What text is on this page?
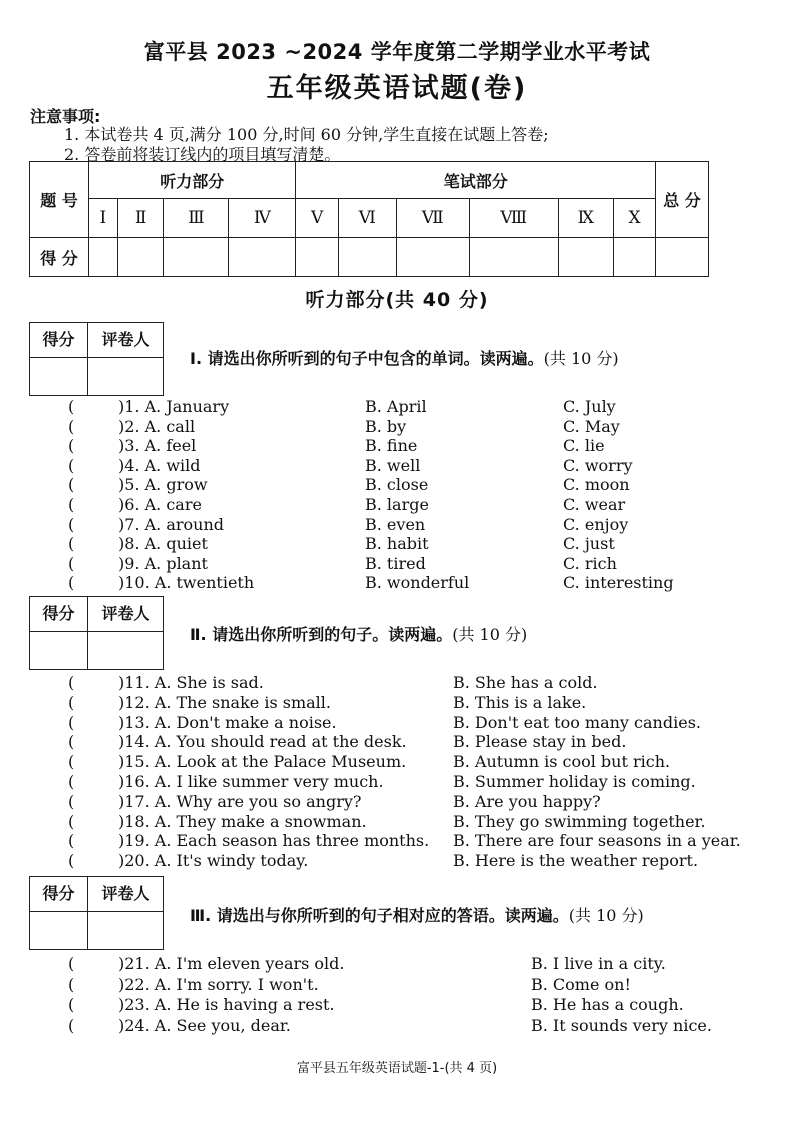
富平县 2023 ~2024 学年度第二学期学业水平考试
五年级英语试题(卷)
注意事项:
1. 本试卷共 4 页,满分 100 分,时间 60 分钟,学生直接在试题上答卷;
2. 答卷前将装订线内的项目填写清楚。
题 号	听力部分				笔试部分						总 分
	I	Ⅱ	Ⅲ	Ⅳ	Ⅴ	Ⅵ	Ⅶ	Ⅷ	Ⅸ	Ⅹ	
得 分											
听力部分(共 40 分)
得分	评卷人
Ⅰ. 请选出你所听到的句子中包含的单词。读两遍。(共 10 分)
(	)1. A. January	B. April	C. July
(	)2. A. call	B. by	C. May
(	)3. A. feel	B. fine	C. lie
(	)4. A. wild	B. well	C. worry
(	)5. A. grow	B. close	C. moon
(	)6. A. care	B. large	C. wear
(	)7. A. around	B. even	C. enjoy
(	)8. A. quiet	B. habit	C. just
(	)9. A. plant	B. tired	C. rich
(	)10. A. twentieth	B. wonderful	C. interesting
得分	评卷人
Ⅱ. 请选出你所听到的句子。读两遍。(共 10 分)
(	)11. A. She is sad.	B. She has a cold.
(	)12. A. The snake is small.	B. This is a lake.
(	)13. A. Don't make a noise.	B. Don't eat too many candies.
(	)14. A. You should read at the desk.	B. Please stay in bed.
(	)15. A. Look at the Palace Museum.	B. Autumn is cool but rich.
(	)16. A. I like summer very much.	B. Summer holiday is coming.
(	)17. A. Why are you so angry?	B. Are you happy?
(	)18. A. They make a snowman.	B. They go swimming together.
(	)19. A. Each season has three months. B. There are four seasons in a year.
(	)20. A. It's windy today.	B. Here is the weather report.
得分	评卷人
Ⅲ. 请选出与你所听到的句子相对应的答语。读两遍。(共 10 分)
(	)21. A. I'm eleven years old.	B. I live in a city.
(	)22. A. I'm sorry. I won't.	B. Come on!
(	)23. A. He is having a rest.	B. He has a cough.
(	)24. A. See you, dear.	B. It sounds very nice.
富平县五年级英语试题-1-(共 4 页)
